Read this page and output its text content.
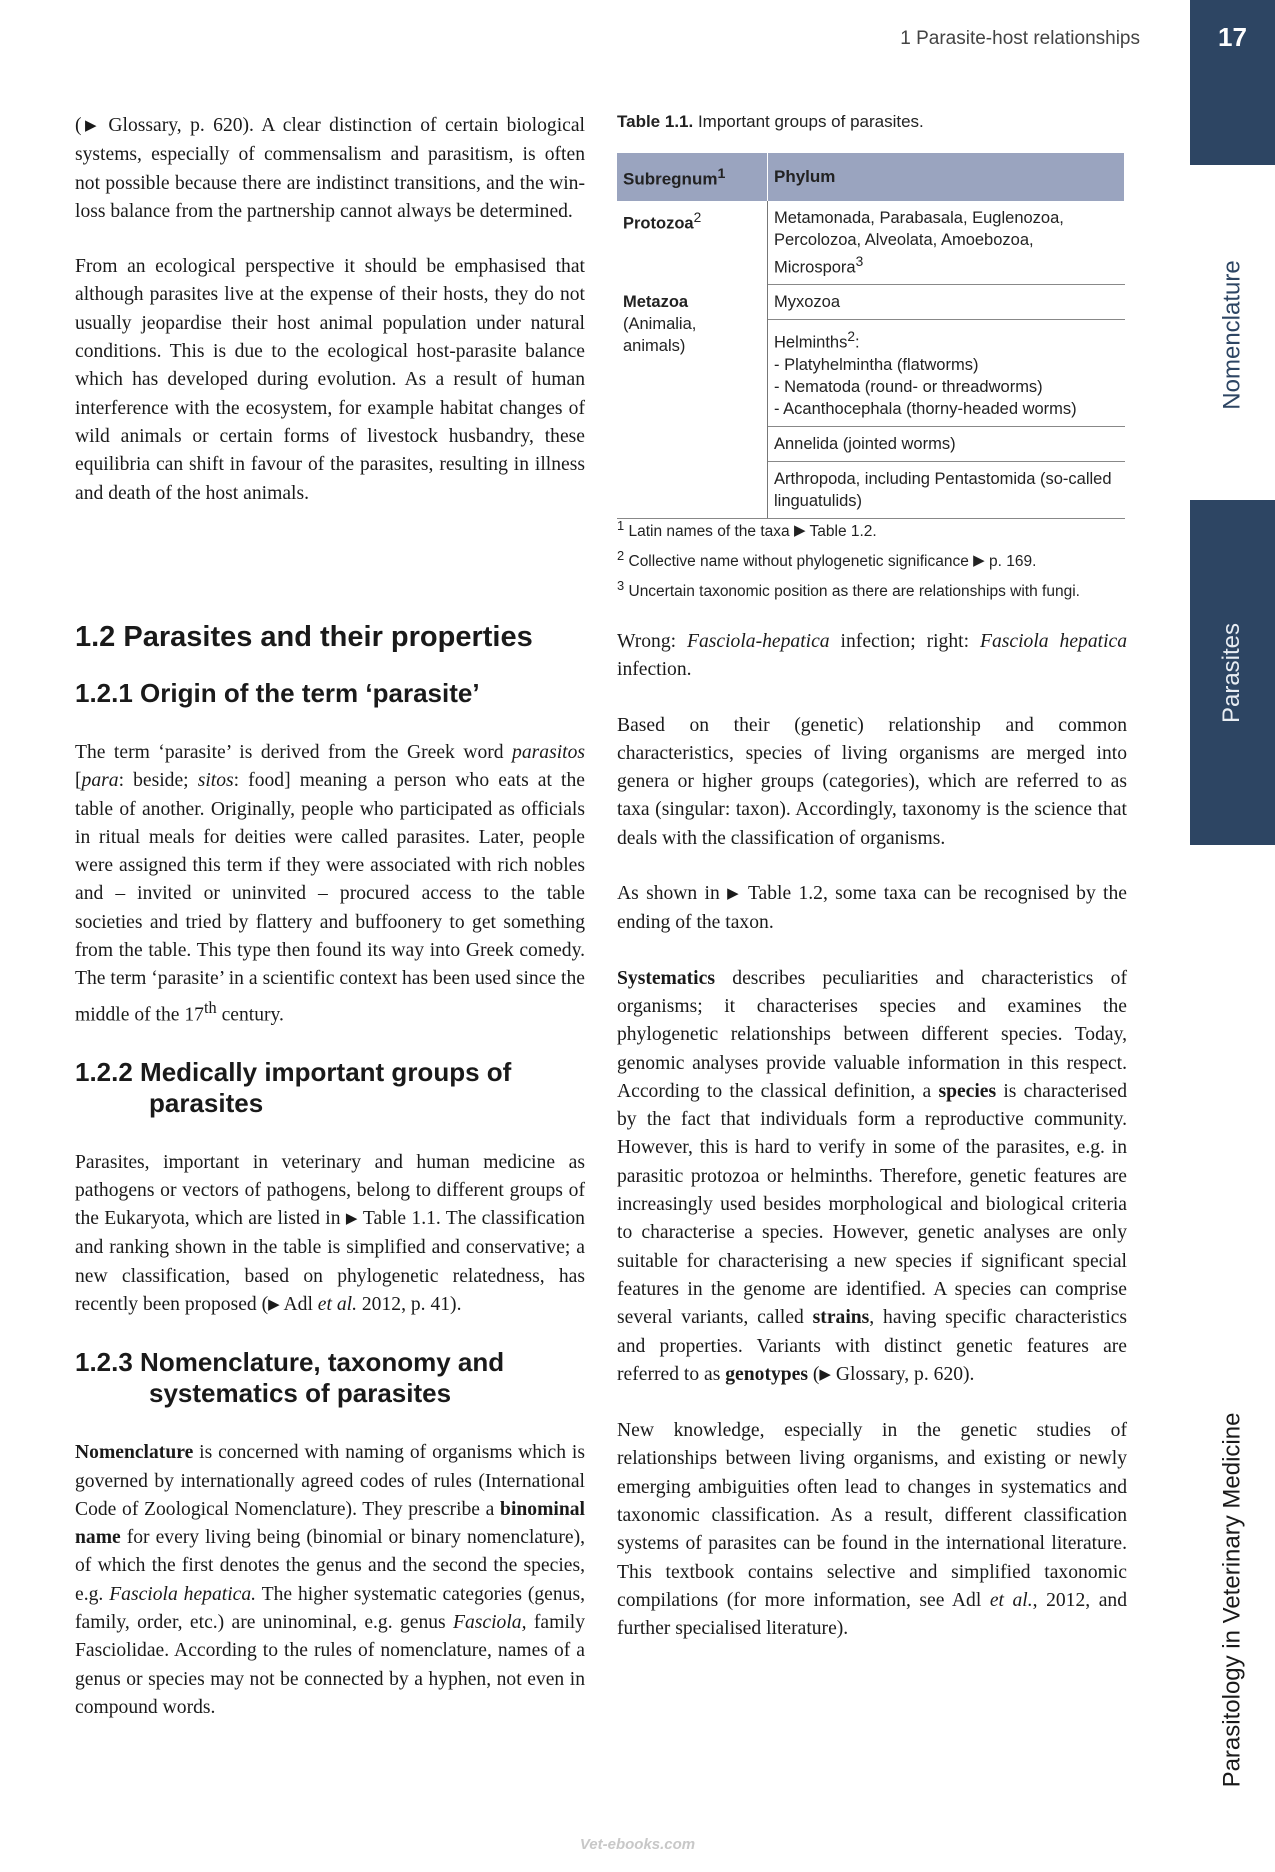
1 Parasite-host relationships	17
Nomenclature
Parasites
Parasitology in Veterinary Medicine

(▶ Glossary, p. 620). A clear distinction of certain biological systems, especially of commensalism and parasitism, is often not possible because there are indistinct transitions, and the win-loss balance from the partnership cannot always be determined.

From an ecological perspective it should be emphasised that although parasites live at the expense of their hosts, they do not usually jeopardise their host animal population under natural conditions. This is due to the ecological host-parasite balance which has developed during evolution. As a result of human interference with the ecosystem, for example habitat changes of wild animals or certain forms of livestock husbandry, these equilibria can shift in favour of the parasites, resulting in illness and death of the host animals.

Table 1.1. Important groups of parasites.
Subregnum$^1$	Phylum
Protozoa$^2$	Metamonada, Parabasala, Euglenozoa, Percolozoa, Alveolata, Amoebozoa, Microspora$^3$

Metazoa
(Animalia, animals)	Myxozoa

	Helminths$^2$:
- Platyhelmintha (flatworms)
- Nematoda (round- or threadworms)
- Acanthocephala (thorny-headed worms)

	Annelida (jointed worms)
	Arthropoda, including Pentastomida (so-called linguatulids)
$^1$ Latin names of the taxa ▶ Table 1.2.
$^2$ Collective name without phylogenetic significance ▶ p. 169.
$^3$ Uncertain taxonomic position as there are relationships with fungi.
1.2 Parasites and their properties
1.2.1 Origin of the term ‘parasite’

The term ‘parasite’ is derived from the Greek word parasitos [para: beside; sitos: food] meaning a person who eats at the table of another. Originally, people who participated as officials in ritual meals for deities were called parasites. Later, people were assigned this term if they were associated with rich nobles and – invited or uninvited – procured access to the table societies and tried by flattery and buffoonery to get something from the table. This type then found its way into Greek comedy. The term ‘parasite’ in a scientific context has been used since the middle of the 17th century.

1.2.2 Medically important groups of
parasites

Parasites, important in veterinary and human medicine as pathogens or vectors of pathogens, belong to different groups of the Eukaryota, which are listed in ▶ Table 1.1. The classification and ranking shown in the table is simplified and conservative; a new classification, based on phylogenetic relatedness, has recently been proposed (▶ Adl et al. 2012, p. 41).

1.2.3 Nomenclature, taxonomy and
systematics of parasites

Nomenclature is concerned with naming of organisms which is governed by internationally agreed codes of rules (International Code of Zoological Nomenclature). They prescribe a binominal name for every living being (binomial or binary nomenclature), of which the first denotes the genus and the second the species, e.g. Fasciola hepatica. The higher systematic categories (genus, family, order, etc.) are uninominal, e.g. genus Fasciola, family Fasciolidae. According to the rules of nomenclature, names of a genus or species may not be connected by a hyphen, not even in compound words.

Wrong: Fasciola-hepatica infection; right: Fasciola hepatica infection.

Based on their (genetic) relationship and common characteristics, species of living organisms are merged into genera or higher groups (categories), which are referred to as taxa (singular: taxon). Accordingly, taxonomy is the science that deals with the classification of organisms.

As shown in ▶ Table 1.2, some taxa can be recognised by the ending of the taxon.

Systematics describes peculiarities and characteristics of organisms; it characterises species and examines the phylogenetic relationships between different species. Today, genomic analyses provide valuable information in this respect. According to the classical definition, a species is characterised by the fact that individuals form a reproductive community. However, this is hard to verify in some of the parasites, e.g. in parasitic protozoa or helminths. Therefore, genetic features are increasingly used besides morphological and biological criteria to characterise a species. However, genetic analyses are only suitable for characterising a new species if significant special features in the genome are identified. A species can comprise several variants, called strains, having specific characteristics and properties. Variants with distinct genetic features are referred to as genotypes (▶ Glossary, p. 620).

New knowledge, especially in the genetic studies of relationships between living organisms, and existing or newly emerging ambiguities often lead to changes in systematics and taxonomic classification. As a result, different classification systems of parasites can be found in the international literature. This textbook contains selective and simplified taxonomic compilations (for more information, see Adl et al., 2012, and further specialised literature).

Vet-ebooks.com
